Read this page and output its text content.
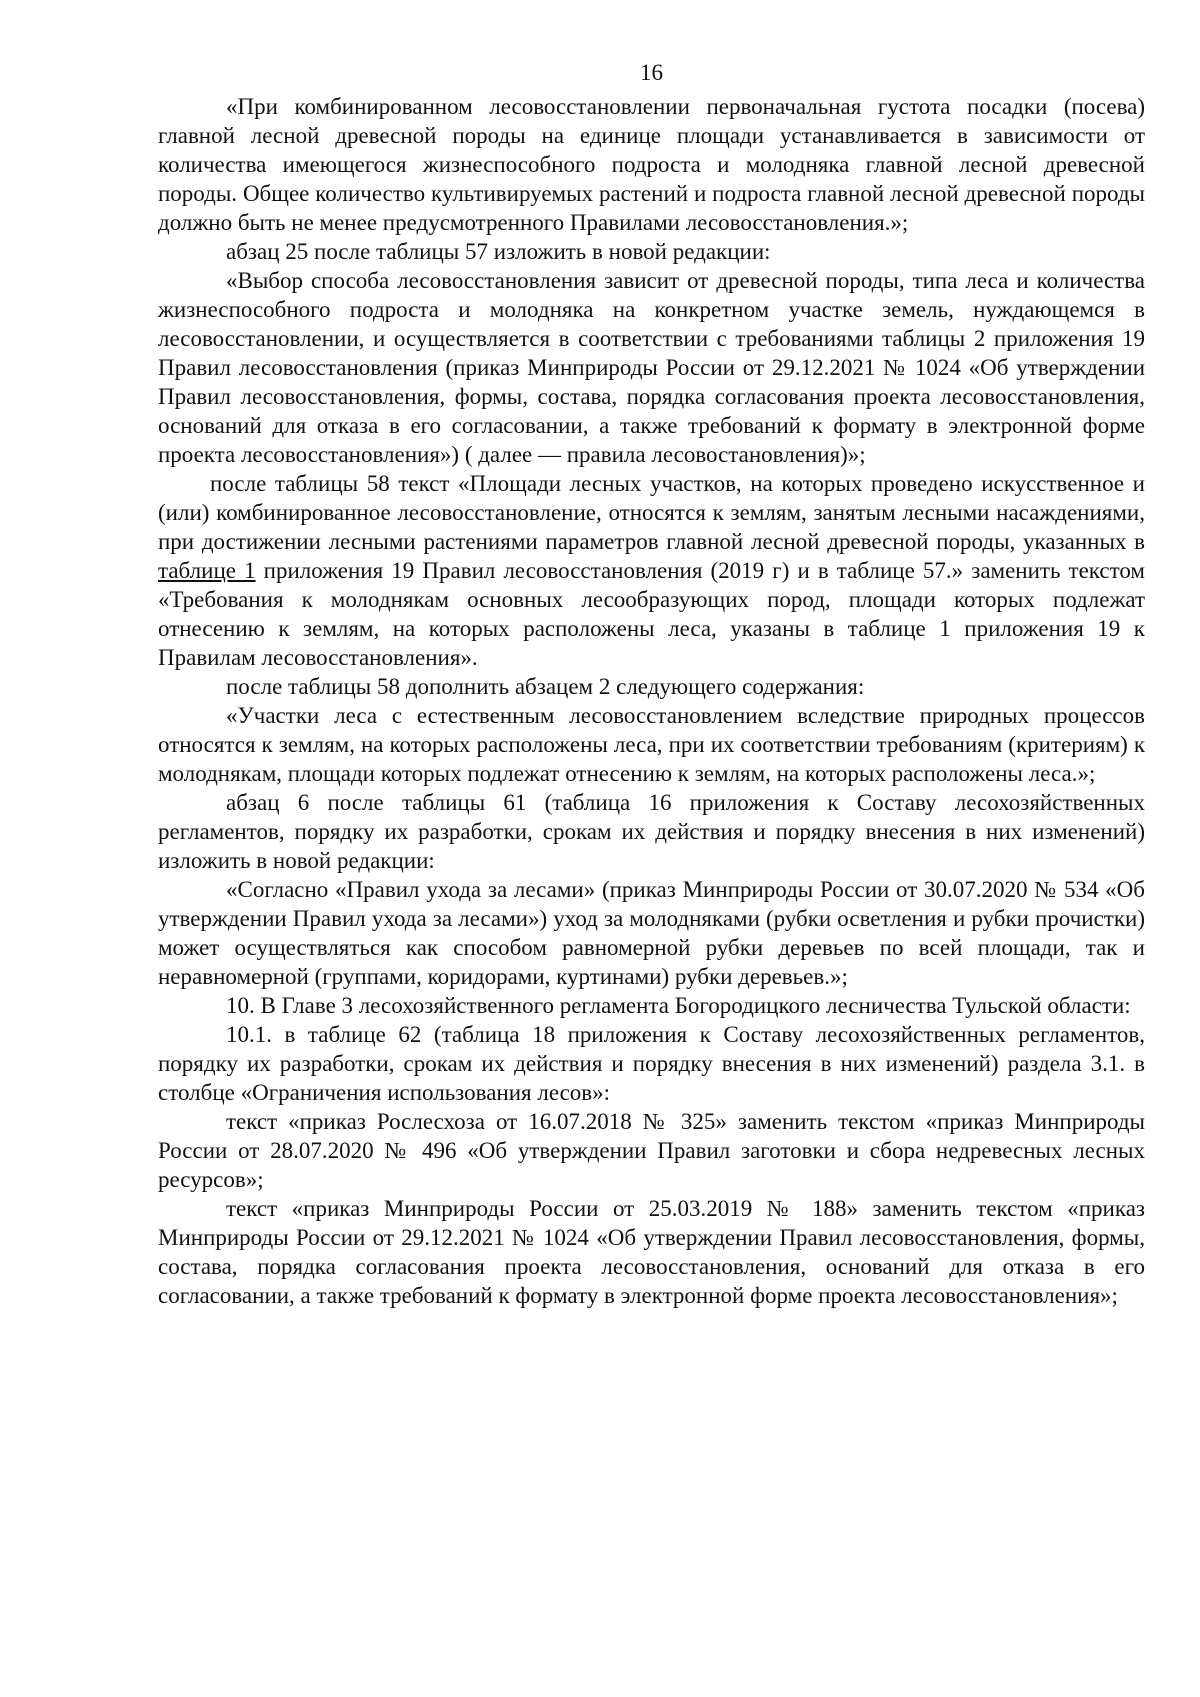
16

«При комбинированном лесовосстановлении первоначальная густота посадки (посева) главной лесной древесной породы на единице площади устанавливается в зависимости от количества имеющегося жизнеспособного подроста и молодняка главной лесной древесной породы. Общее количество культивируемых растений и подроста главной лесной древесной породы должно быть не менее предусмотренного Правилами лесовосстановления.»;

абзац 25 после таблицы 57 изложить в новой редакции:

«Выбор способа лесовосстановления зависит от древесной породы, типа леса и количества жизнеспособного подроста и молодняка на конкретном участке земель, нуждающемся в лесовосстановлении, и осуществляется в соответствии с требованиями таблицы 2 приложения 19 Правил лесовосстановления (приказ Минприроды России от 29.12.2021 № 1024 «Об утверждении Правил лесовосстановления, формы, состава, порядка согласования проекта лесовосстановления, оснований для отказа в его согласовании, а также требований к формату в электронной форме проекта лесовосстановления») ( далее — правила лесовостановления)»;

после таблицы 58 текст «Площади лесных участков, на которых проведено искусственное и (или) комбинированное лесовосстановление, относятся к землям, занятым лесными насаждениями, при достижении лесными растениями параметров главной лесной древесной породы, указанных в таблице 1 приложения 19 Правил лесовосстановления (2019 г) и в таблице 57.» заменить текстом «Требования к молоднякам основных лесообразующих пород, площади которых подлежат отнесению к землям, на которых расположены леса, указаны в таблице 1 приложения 19 к Правилам лесовосстановления».

после таблицы 58 дополнить абзацем 2 следующего содержания:

«Участки леса с естественным лесовосстановлением вследствие природных процессов относятся к землям, на которых расположены леса, при их соответствии требованиям (критериям) к молоднякам, площади которых подлежат отнесению к землям, на которых расположены леса.»;

абзац 6 после таблицы 61 (таблица 16 приложения к Составу лесохозяйственных регламентов, порядку их разработки, срокам их действия и порядку внесения в них изменений) изложить в новой редакции:

«Согласно «Правил ухода за лесами» (приказ Минприроды России от 30.07.2020 № 534 «Об утверждении Правил ухода за лесами») уход за молодняками (рубки осветления и рубки прочистки) может осуществляться как способом равномерной рубки деревьев по всей площади, так и неравномерной (группами, коридорами, куртинами) рубки деревьев.»;

10. В Главе 3 лесохозяйственного регламента Богородицкого лесничества Тульской области:

10.1. в таблице 62 (таблица 18 приложения к Составу лесохозяйственных регламентов, порядку их разработки, срокам их действия и порядку внесения в них изменений) раздела 3.1. в столбце «Ограничения использования лесов»:

текст «приказ Рослесхоза от 16.07.2018 № 325» заменить текстом «приказ Минприроды России от 28.07.2020 № 496 «Об утверждении Правил заготовки и сбора недревесных лесных ресурсов»;

текст «приказ Минприроды России от 25.03.2019 № 188» заменить текстом «приказ Минприроды России от 29.12.2021 № 1024 «Об утверждении Правил лесовосстановления, формы, состава, порядка согласования проекта лесовосстановления, оснований для отказа в его согласовании, а также требований к формату в электронной форме проекта лесовосстановления»;
